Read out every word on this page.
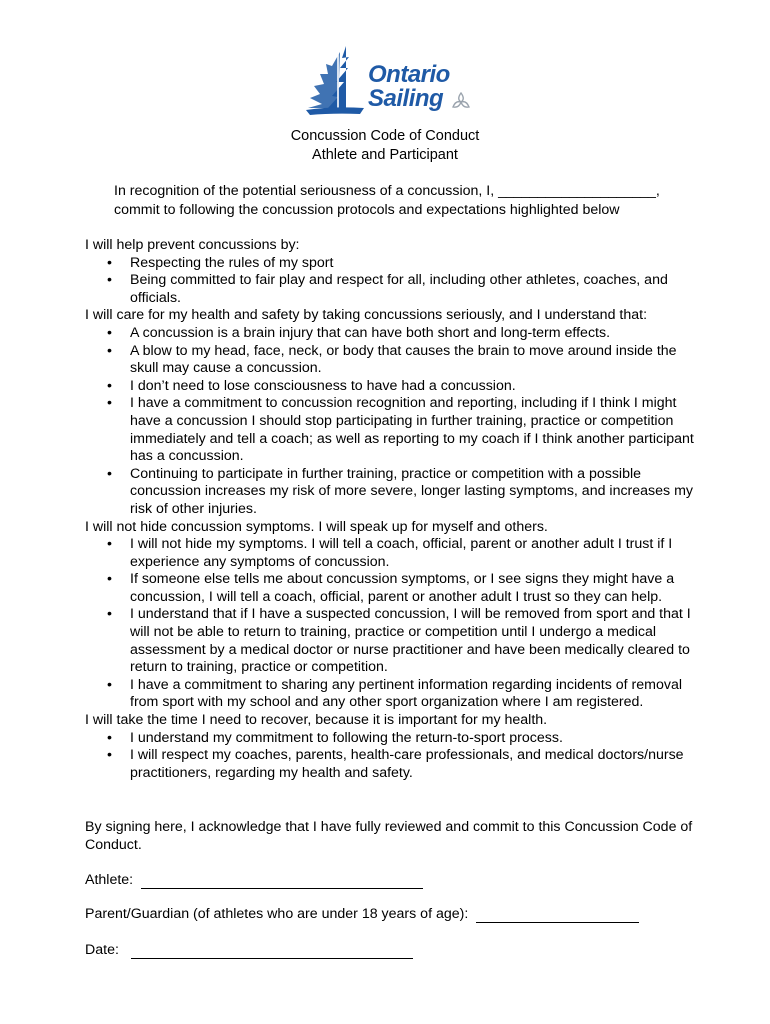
Ontario
Sailing
Concussion Code of Conduct
Athlete and Participant
In recognition of the potential seriousness of a concussion, I, ____________________,
commit to following the concussion protocols and expectations highlighted below

I will help prevent concussions by:

• Respecting the rules of my sport
• Being committed to fair play and respect for all, including other athletes, coaches, and officials.

I will care for my health and safety by taking concussions seriously, and I understand that:

• A concussion is a brain injury that can have both short and long-term effects.
• A blow to my head, face, neck, or body that causes the brain to move around inside the skull may cause a concussion.
• I don’t need to lose consciousness to have had a concussion.
• I have a commitment to concussion recognition and reporting, including if I think I might have a concussion I should stop participating in further training, practice or competition immediately and tell a coach; as well as reporting to my coach if I think another participant has a concussion.
• Continuing to participate in further training, practice or competition with a possible concussion increases my risk of more severe, longer lasting symptoms, and increases my risk of other injuries.

I will not hide concussion symptoms. I will speak up for myself and others.

• I will not hide my symptoms. I will tell a coach, official, parent or another adult I trust if I experience any symptoms of concussion.
• If someone else tells me about concussion symptoms, or I see signs they might have a concussion, I will tell a coach, official, parent or another adult I trust so they can help.
• I understand that if I have a suspected concussion, I will be removed from sport and that I will not be able to return to training, practice or competition until I undergo a medical assessment by a medical doctor or nurse practitioner and have been medically cleared to return to training, practice or competition.
• I have a commitment to sharing any pertinent information regarding incidents of removal from sport with my school and any other sport organization where I am registered.

I will take the time I need to recover, because it is important for my health.

• I understand my commitment to following the return-to-sport process.
• I will respect my coaches, parents, health-care professionals, and medical doctors/nurse practitioners, regarding my health and safety.
By signing here, I acknowledge that I have fully reviewed and commit to this Concussion Code of Conduct.
Athlete:
Parent/Guardian (of athletes who are under 18 years of age):
Date:
